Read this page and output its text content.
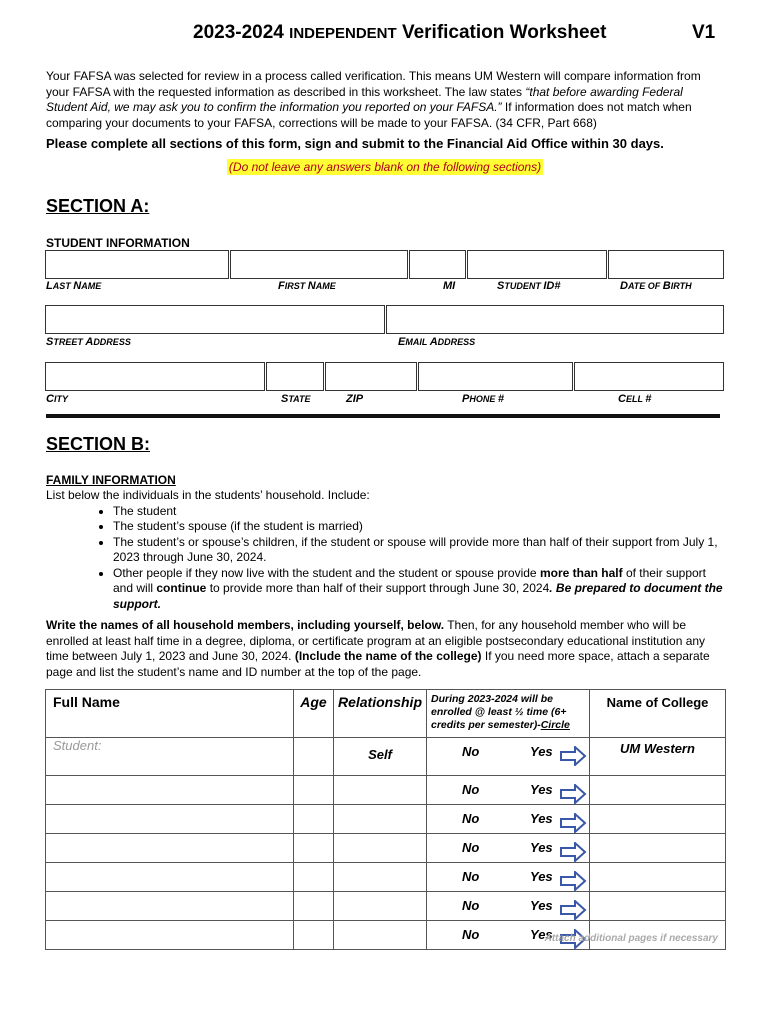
2023-2024 INDEPENDENT Verification Worksheet	V1
Your FAFSA was selected for review in a process called verification. This means UM Western will compare information from your FAFSA with the requested information as described in this worksheet. The law states “that before awarding Federal Student Aid, we may ask you to confirm the information you reported on your FAFSA.” If information does not match when comparing your documents to your FAFSA, corrections will be made to your FAFSA. (34 CFR, Part 668)
Please complete all sections of this form, sign and submit to the Financial Aid Office within 30 days.
(Do not leave any answers blank on the following sections)
SECTION A:
STUDENT INFORMATION
LAST NAME	FIRST NAME	MI	STUDENT ID#	DATE OF BIRTH
STREET ADDRESS	EMAIL ADDRESS
CITY	STATE	ZIP	PHONE #	CELL #
SECTION B:
FAMILY INFORMATION
List below the individuals in the students’ household. Include:
• The student
• The student’s spouse (if the student is married)
• The student’s or spouse’s children, if the student or spouse will provide more than half of their support from July 1, 2023 through June 30, 2024.
• Other people if they now live with the student and the student or spouse provide more than half of their support and will continue to provide more than half of their support through June 30, 2024. Be prepared to document the support.
Write the names of all household members, including yourself, below. Then, for any household member who will be enrolled at least half time in a degree, diploma, or certificate program at an eligible postsecondary educational institution any time between July 1, 2023 and June 30, 2024. (Include the name of the college) If you need more space, attach a separate page and list the student’s name and ID number at the top of the page.
Full Name	Age	Relationship	During 2023-2024 will be enrolled @ least ½ time (6+ credits per semester)-Circle	Name of College
Student:		Self	No Yes	UM Western

			No Yes	

			No Yes	

			No Yes	

			No Yes	

			No Yes	

			No Yes	

Attach additional pages if necessary
